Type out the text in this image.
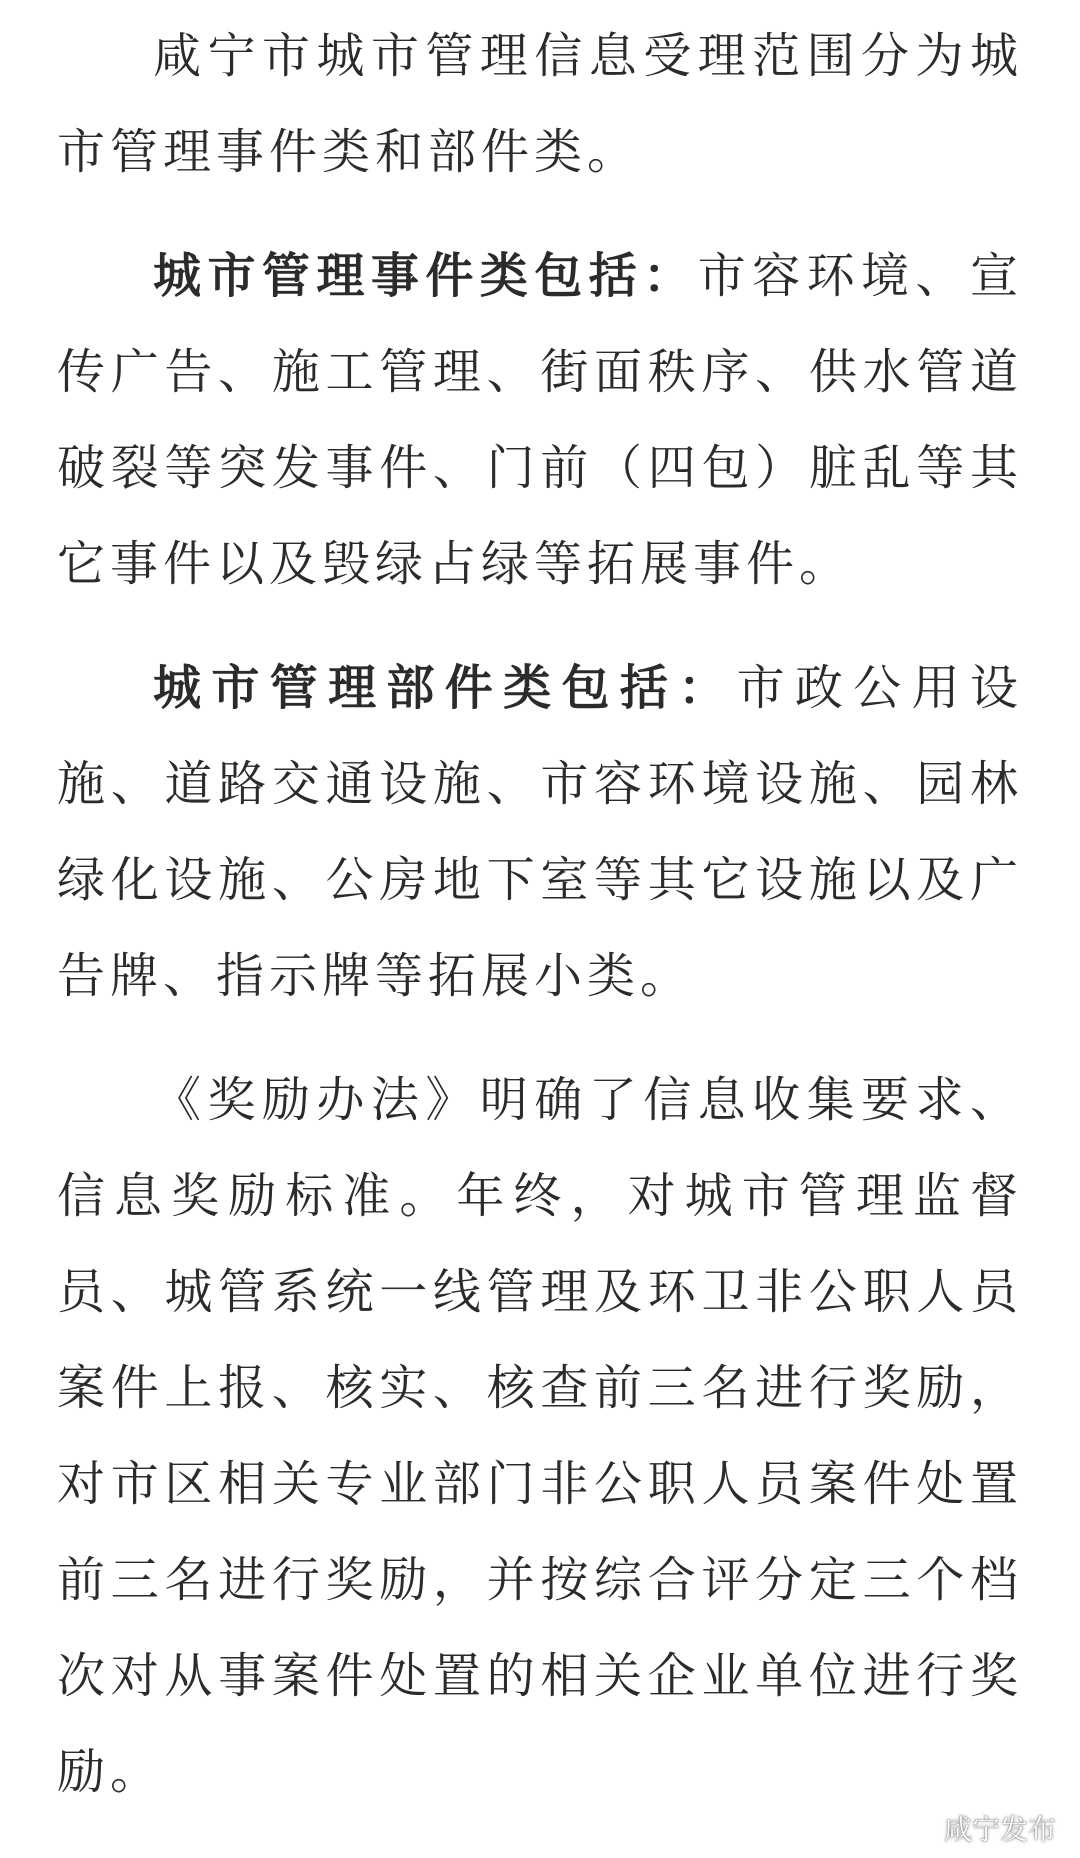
咸宁市城市管理信息受理范围分为城市管理事件类和部件类。

城市管理事件类包括：市容环境、宣传广告、施工管理、街面秩序、供水管道破裂等突发事件、门前（四包）脏乱等其它事件以及毁绿占绿等拓展事件。

城市管理部件类包括：市政公用设施、道路交通设施、市容环境设施、园林绿化设施、公房地下室等其它设施以及广告牌、指示牌等拓展小类。

《奖励办法》明确了信息收集要求、信息奖励标准。年终，对城市管理监督员、城管系统一线管理及环卫非公职人员案件上报、核实、核查前三名进行奖励，对市区相关专业部门非公职人员案件处置前三名进行奖励，并按综合评分定三个档次对从事案件处置的相关企业单位进行奖励。

咸宁发布
